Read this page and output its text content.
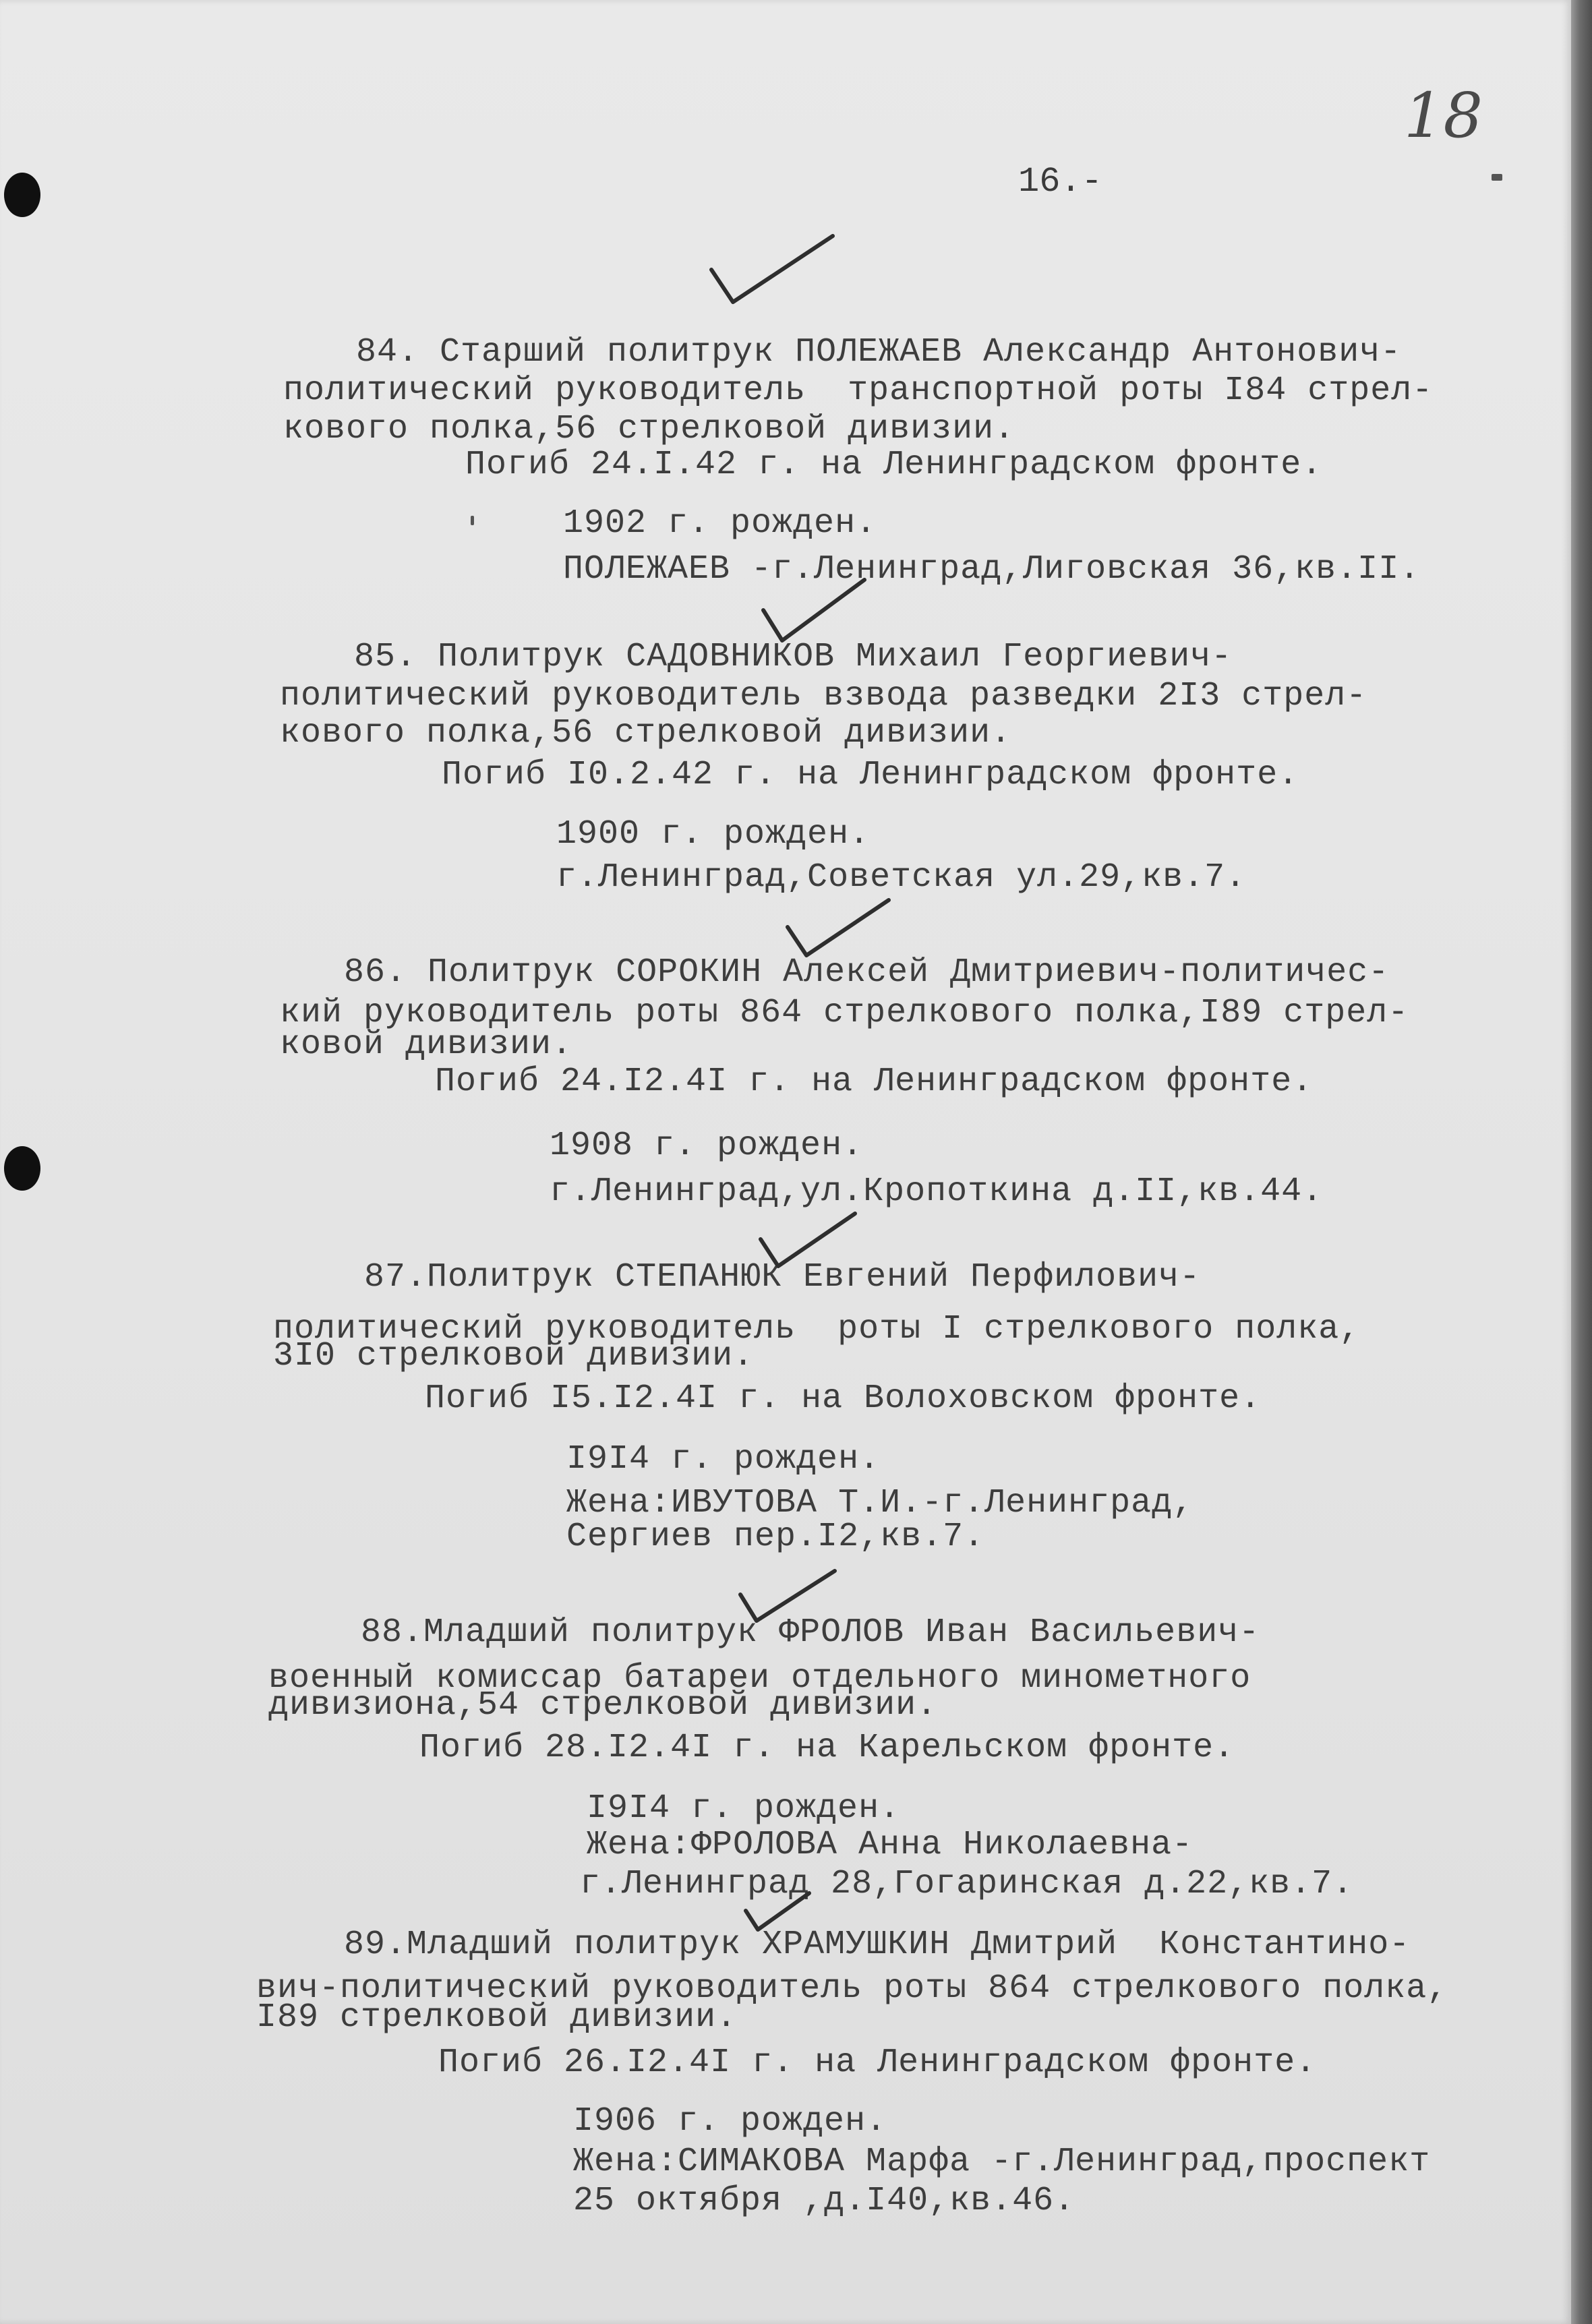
18
16.-
84. Старший политрук ПОЛЕЖАЕВ Александр Антонович-
политический руководитель  транспортной роты I84 стрел-
кового полка,56 стрелковой дивизии.
Погиб 24.I.42 г. на Ленинградском фронте.
1902 г. рожден.
ПОЛЕЖАЕВ -г.Ленинград,Лиговская 36,кв.II.
85. Политрук САДОВНИКОВ Михаил Георгиевич-
политический руководитель взвода разведки 2I3 стрел-
кового полка,56 стрелковой дивизии.
Погиб I0.2.42 г. на Ленинградском фронте.
1900 г. рожден.
г.Ленинград,Советская ул.29,кв.7.
86. Политрук СОРОКИН Алексей Дмитриевич-политичес-
кий руководитель роты 864 стрелкового полка,I89 стрел-
ковой дивизии.
Погиб 24.I2.4I г. на Ленинградском фронте.
1908 г. рожден.
г.Ленинград,ул.Кропоткина д.II,кв.44.
87.Политрук СТЕПАНЮК Евгений Перфилович-
политический руководитель  роты I стрелкового полка,
3I0 стрелковой дивизии.
Погиб I5.I2.4I г. на Волоховском фронте.
I9I4 г. рожден.
Жена:ИВУТОВА Т.И.-г.Ленинград,
Сергиев пер.I2,кв.7.
88.Младший политрук ФРОЛОВ Иван Васильевич-
военный комиссар батареи отдельного минометного
дивизиона,54 стрелковой дивизии.
Погиб 28.I2.4I г. на Карельском фронте.
I9I4 г. рожден.
Жена:ФРОЛОВА Анна Николаевна-
г.Ленинград 28,Гогаринская д.22,кв.7.
89.Младший политрук ХРАМУШКИН Дмитрий  Константино-
вич-политический руководитель роты 864 стрелкового полка,
I89 стрелковой дивизии.
Погиб 26.I2.4I г. на Ленинградском фронте.
I906 г. рожден.
Жена:СИМАКОВА Марфа -г.Ленинград,проспект
25 октября ,д.I40,кв.46.
